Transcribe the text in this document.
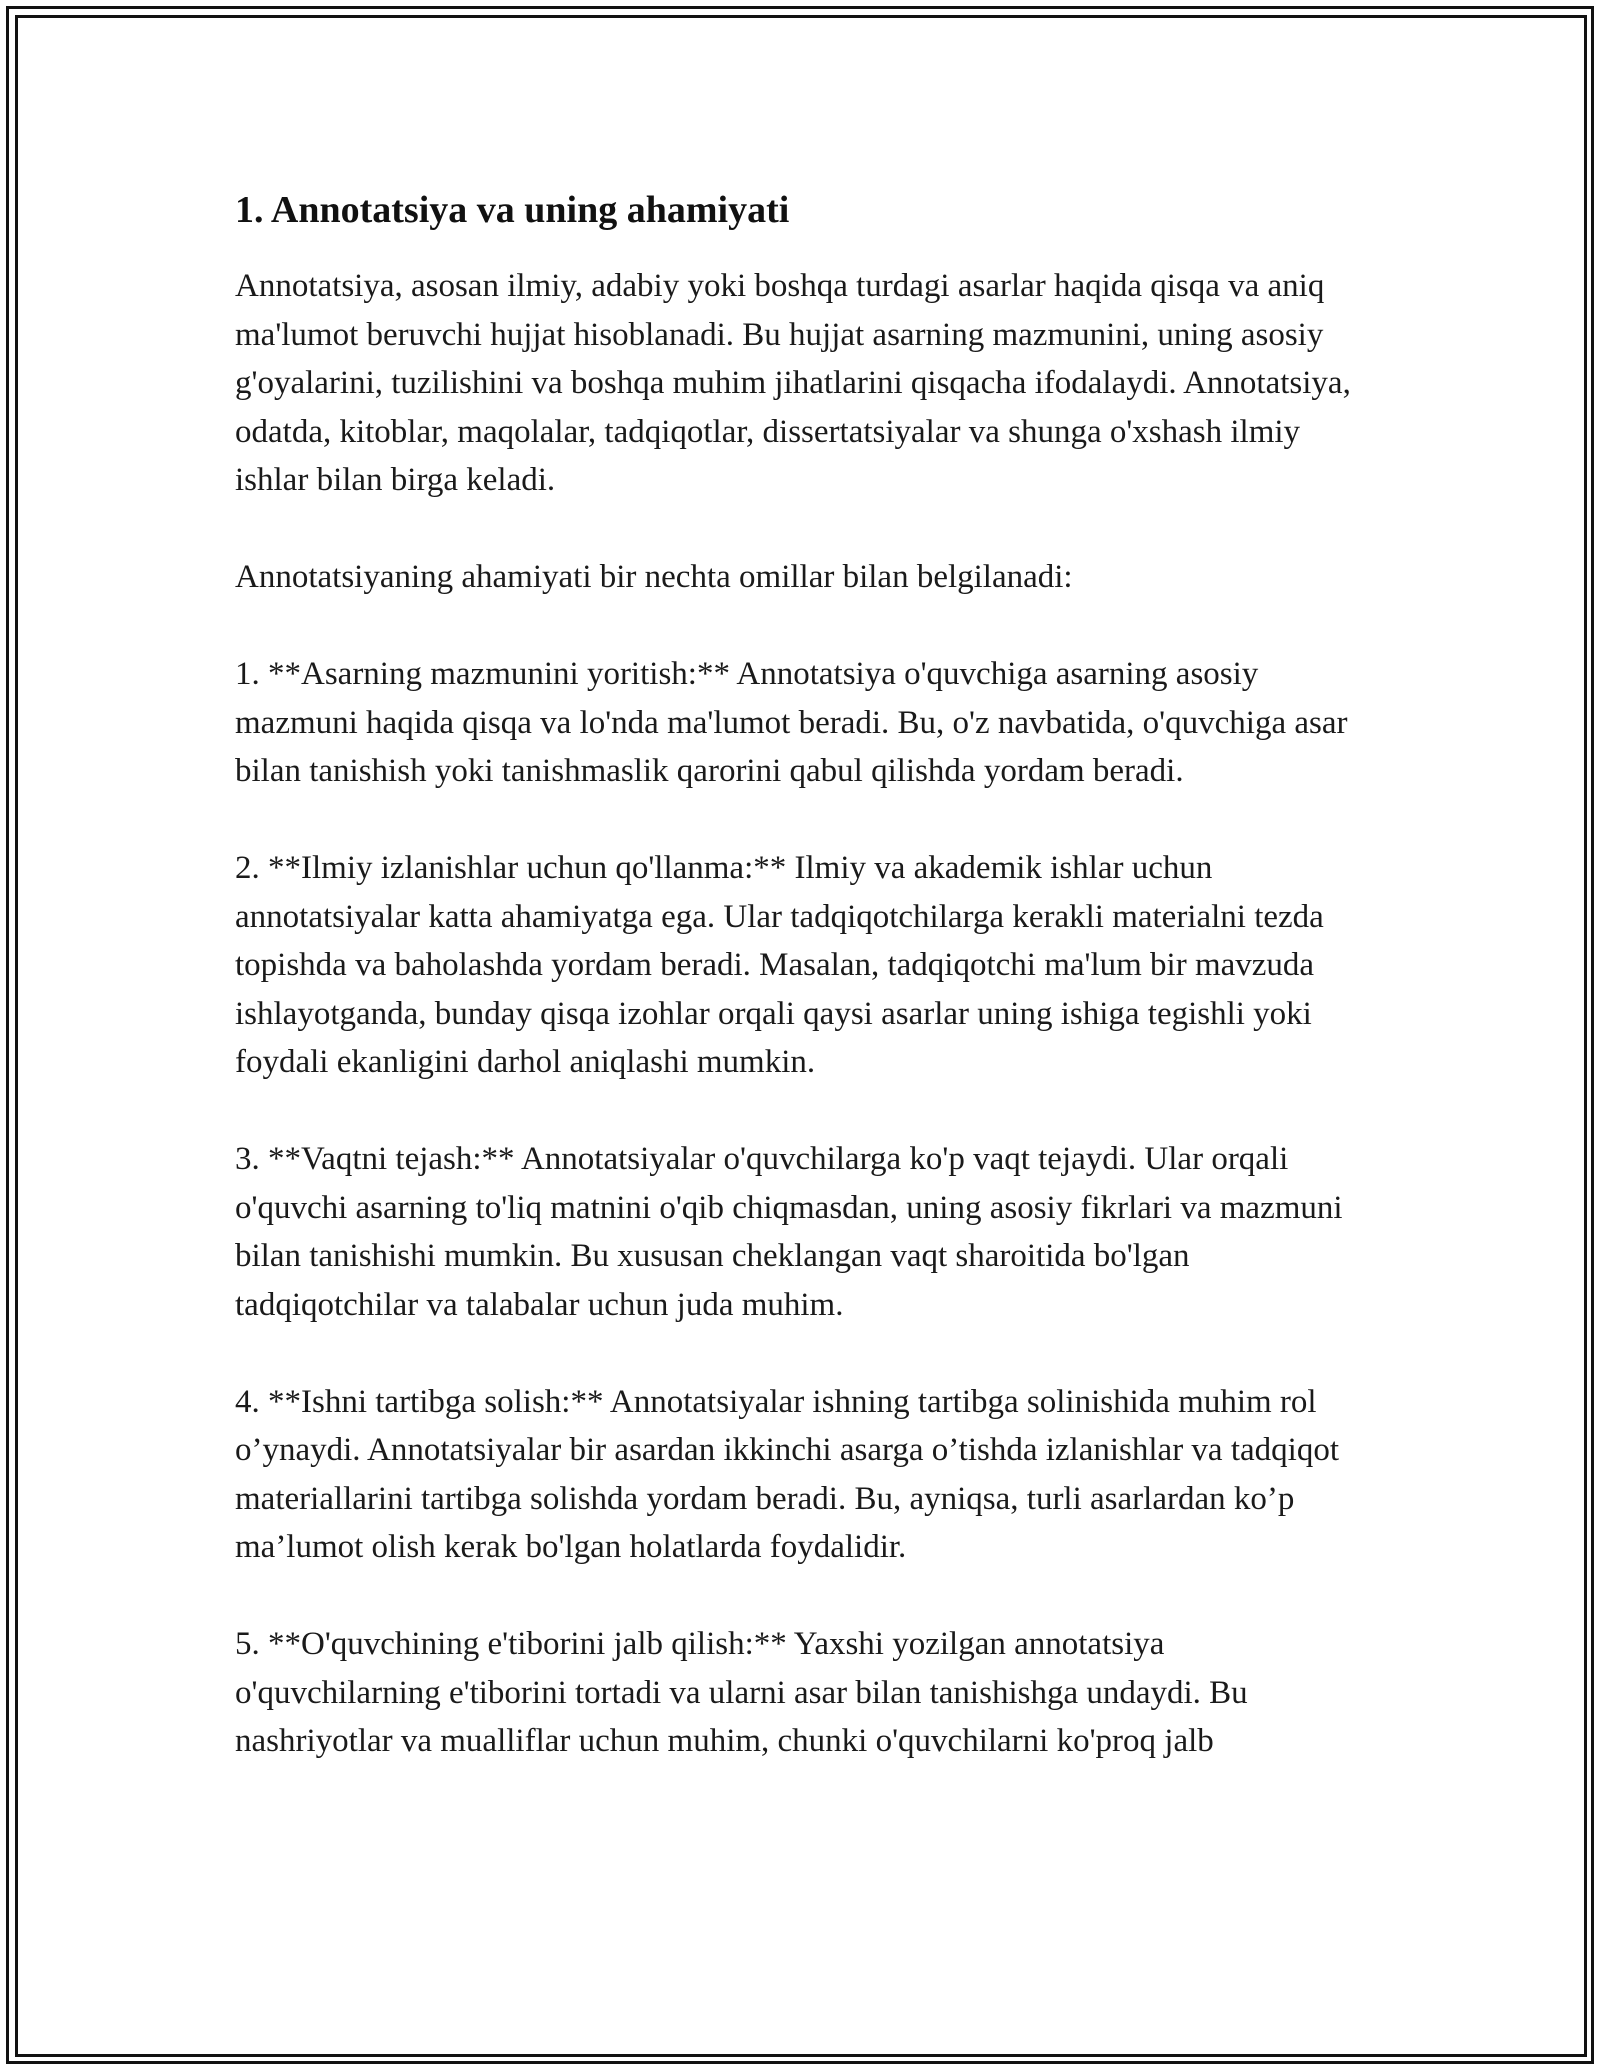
1. Annotatsiya va uning ahamiyati

Annotatsiya, asosan ilmiy, adabiy yoki boshqa turdagi asarlar haqida qisqa va aniq ma'lumot beruvchi hujjat hisoblanadi. Bu hujjat asarning mazmunini, uning asosiy g'oyalarini, tuzilishini va boshqa muhim jihatlarini qisqacha ifodalaydi. Annotatsiya, odatda, kitoblar, maqolalar, tadqiqotlar, dissertatsiyalar va shunga o'xshash ilmiy ishlar bilan birga keladi.

Annotatsiyaning ahamiyati bir nechta omillar bilan belgilanadi:

1. **Asarning mazmunini yoritish:** Annotatsiya o'quvchiga asarning asosiy mazmuni haqida qisqa va lo'nda ma'lumot beradi. Bu, o'z navbatida, o'quvchiga asar bilan tanishish yoki tanishmaslik qarorini qabul qilishda yordam beradi.

2. **Ilmiy izlanishlar uchun qo'llanma:** Ilmiy va akademik ishlar uchun annotatsiyalar katta ahamiyatga ega. Ular tadqiqotchilarga kerakli materialni tezda topishda va baholashda yordam beradi. Masalan, tadqiqotchi ma'lum bir mavzuda ishlayotganda, bunday qisqa izohlar orqali qaysi asarlar uning ishiga tegishli yoki foydali ekanligini darhol aniqlashi mumkin.

3. **Vaqtni tejash:** Annotatsiyalar o'quvchilarga ko'p vaqt tejaydi. Ular orqali o'quvchi asarning to'liq matnini o'qib chiqmasdan, uning asosiy fikrlari va mazmuni bilan tanishishi mumkin. Bu xususan cheklangan vaqt sharoitida bo'lgan tadqiqotchilar va talabalar uchun juda muhim.

4. **Ishni tartibga solish:** Annotatsiyalar ishning tartibga solinishida muhim rol o’ynaydi. Annotatsiyalar bir asardan ikkinchi asarga o’tishda izlanishlar va tadqiqot materiallarini tartibga solishda yordam beradi. Bu, ayniqsa, turli asarlardan ko’p ma’lumot olish kerak bo'lgan holatlarda foydalidir.

5. **O'quvchining e'tiborini jalb qilish:** Yaxshi yozilgan annotatsiya o'quvchilarning e'tiborini tortadi va ularni asar bilan tanishishga undaydi. Bu nashriyotlar va mualliflar uchun muhim, chunki o'quvchilarni ko'proq jalb
